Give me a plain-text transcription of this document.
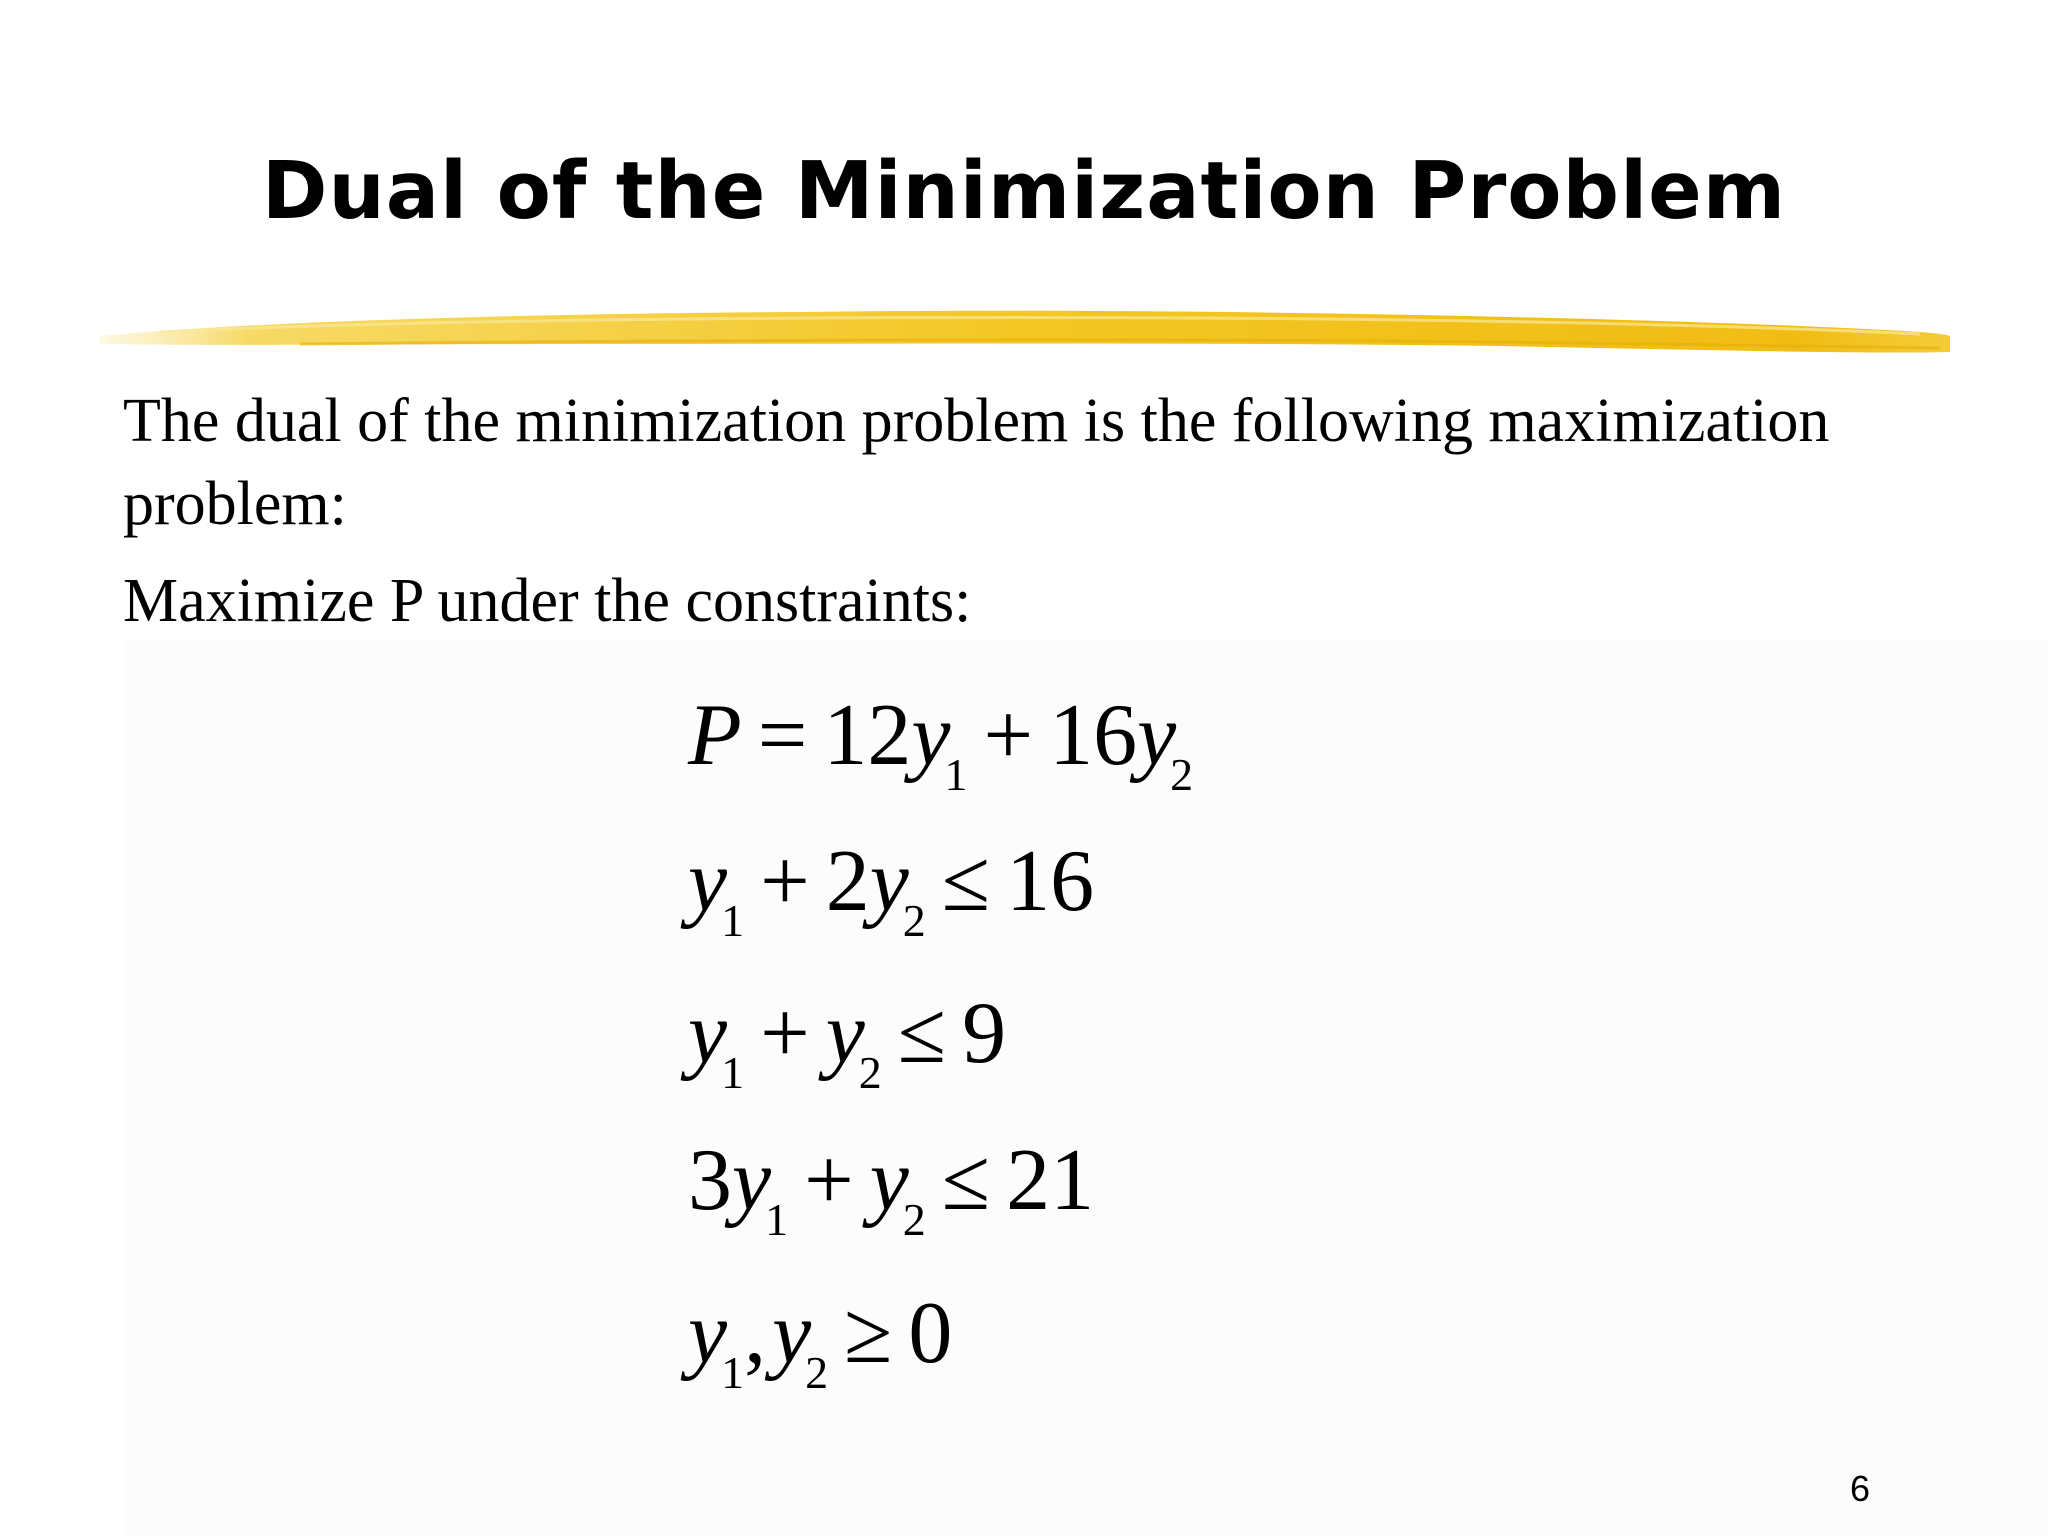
Dual of the Minimization Problem

The dual of the minimization problem is the following maximization problem:

Maximize P under the constraints:

$P = 12y_1 + 16y_2$
$y_1 + 2y_2 \le 16$
$y_1 + y_2 \le 9$
$3y_1 + y_2 \le 21$
$y_1,y_2 \ge 0$
6
